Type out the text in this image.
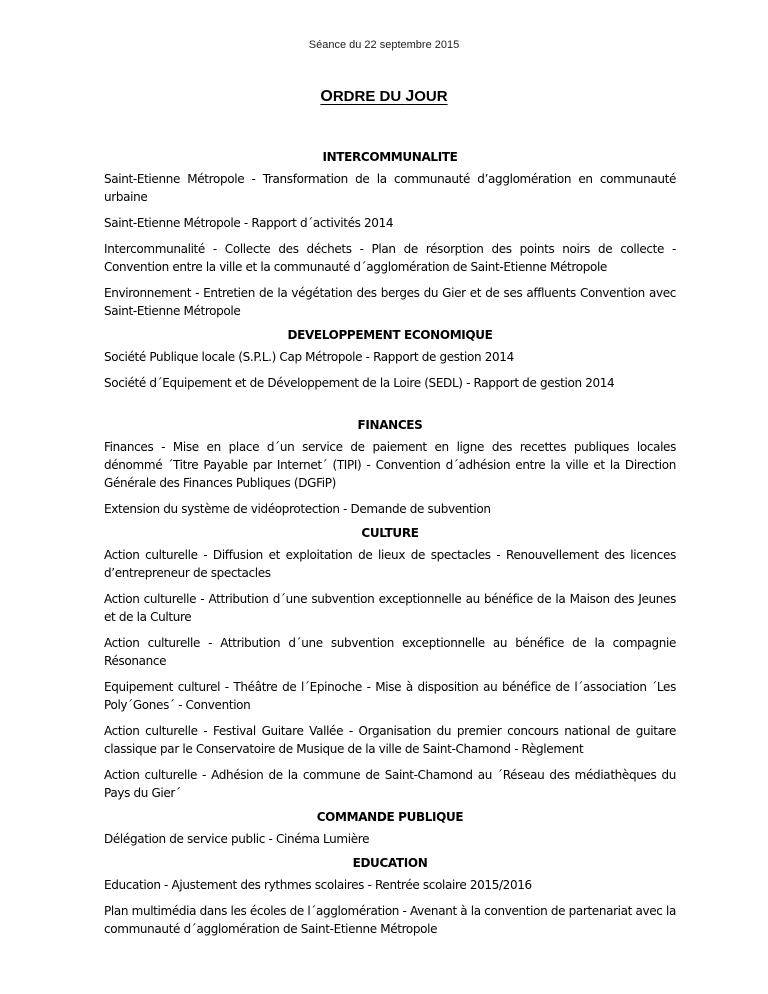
Séance du 22 septembre 2015
ORDRE DU JOUR
INTERCOMMUNALITE

Saint-Etienne Métropole - Transformation de la communauté d’agglomération en communauté urbaine

Saint-Etienne Métropole - Rapport d´activités 2014

Intercommunalité - Collecte des déchets - Plan de résorption des points noirs de collecte - Convention entre la ville et la communauté d´agglomération de Saint-Etienne Métropole

Environnement - Entretien de la végétation des berges du Gier et de ses affluents Convention avec Saint-Etienne Métropole

DEVELOPPEMENT ECONOMIQUE

Société Publique locale (S.P.L.) Cap Métropole - Rapport de gestion 2014

Société d´Equipement et de Développement de la Loire (SEDL) - Rapport de gestion 2014

FINANCES

Finances - Mise en place d´un service de paiement en ligne des recettes publiques locales dénommé ´Titre Payable par Internet´ (TIPI) - Convention d´adhésion entre la ville et la Direction Générale des Finances Publiques (DGFiP)

Extension du système de vidéoprotection - Demande de subvention

CULTURE

Action culturelle - Diffusion et exploitation de lieux de spectacles - Renouvellement des licences d’entrepreneur de spectacles

Action culturelle - Attribution d´une subvention exceptionnelle au bénéfice de la Maison des Jeunes et de la Culture

Action culturelle - Attribution d´une subvention exceptionnelle au bénéfice de la compagnie Résonance

Equipement culturel - Théâtre de l´Epinoche - Mise à disposition au bénéfice de l´association ´Les Poly´Gones´ - Convention

Action culturelle - Festival Guitare Vallée - Organisation du premier concours national de guitare classique par le Conservatoire de Musique de la ville de Saint-Chamond - Règlement

Action culturelle - Adhésion de la commune de Saint-Chamond au ´Réseau des médiathèques du Pays du Gier´

COMMANDE PUBLIQUE

Délégation de service public - Cinéma Lumière

EDUCATION

Education - Ajustement des rythmes scolaires - Rentrée scolaire 2015/2016

Plan multimédia dans les écoles de l´agglomération - Avenant à la convention de partenariat avec la communauté d´agglomération de Saint-Etienne Métropole
